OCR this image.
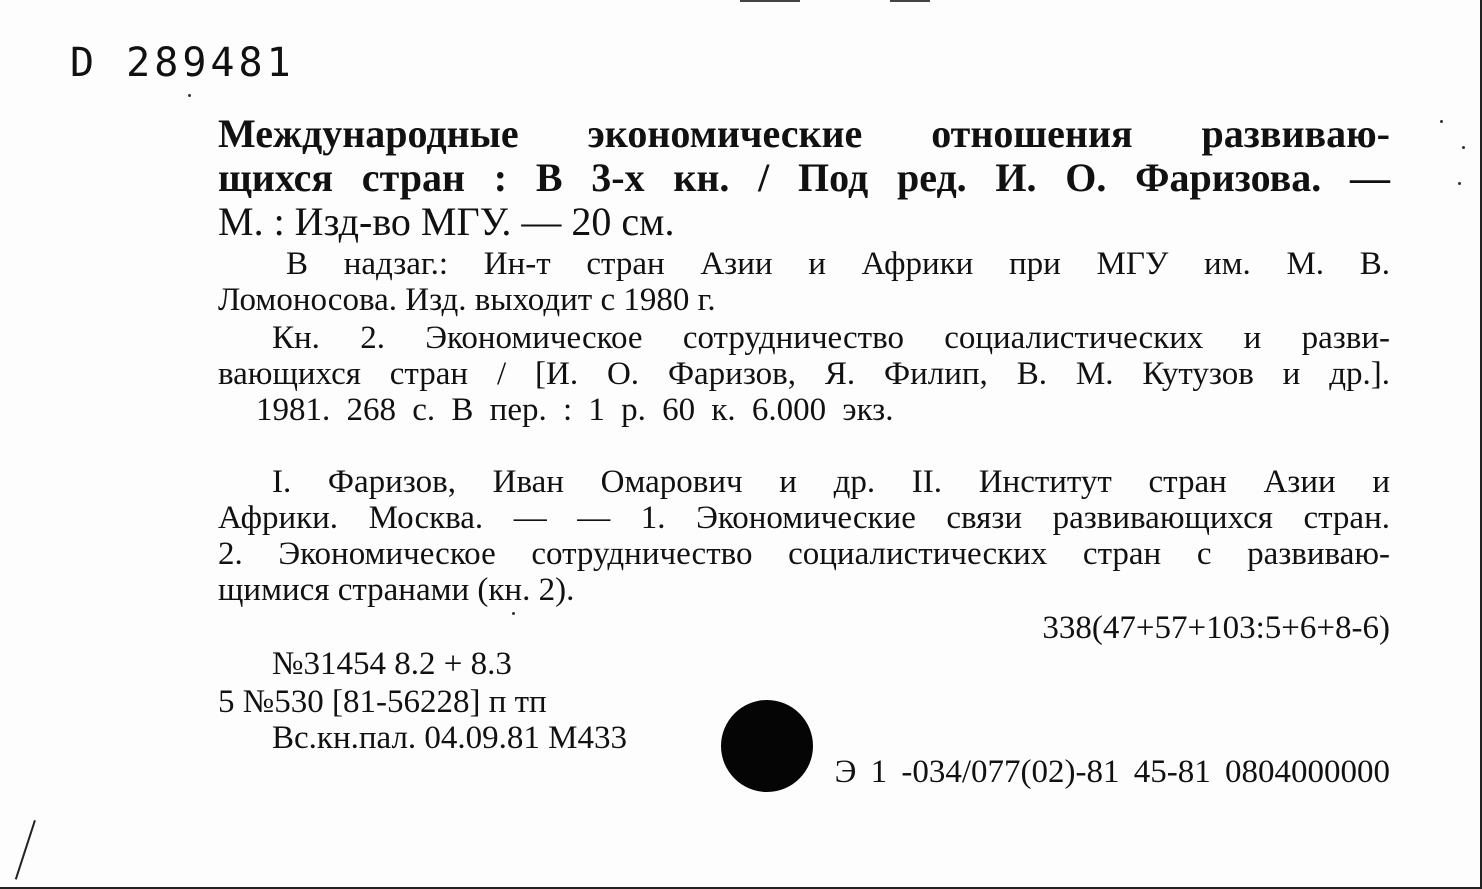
D 289481
Международные экономические отношения развиваю-
щихся стран : В 3-х кн. / Под ред. И. О. Фаризова. —
М. : Изд-во МГУ. — 20 см.
В надзаг.: Ин-т стран Азии и Африки при МГУ им. М. В.
Ломоносова. Изд. выходит с 1980 г.
Кн. 2. Экономическое сотрудничество социалистических и разви-
вающихся стран / [И. О. Фаризов, Я. Филип, В. М. Кутузов и др.].
1981. 268 с. В пер. : 1 р. 60 к. 6.000 экз.
I. Фаризов, Иван Омарович и др. II. Институт стран Азии и
Африки. Москва. — — 1. Экономические связи развивающихся стран.
2. Экономическое сотрудничество социалистических стран с развиваю-
щимися странами (кн. 2).
338(47+57+103:5+6+8-6)
№31454 8.2 + 8.3
5 №530 [81-56228] п тп
Вс.кн.пал. 04.09.81 М433
Э 1 -034/077(02)-81 45-81 0804000000
